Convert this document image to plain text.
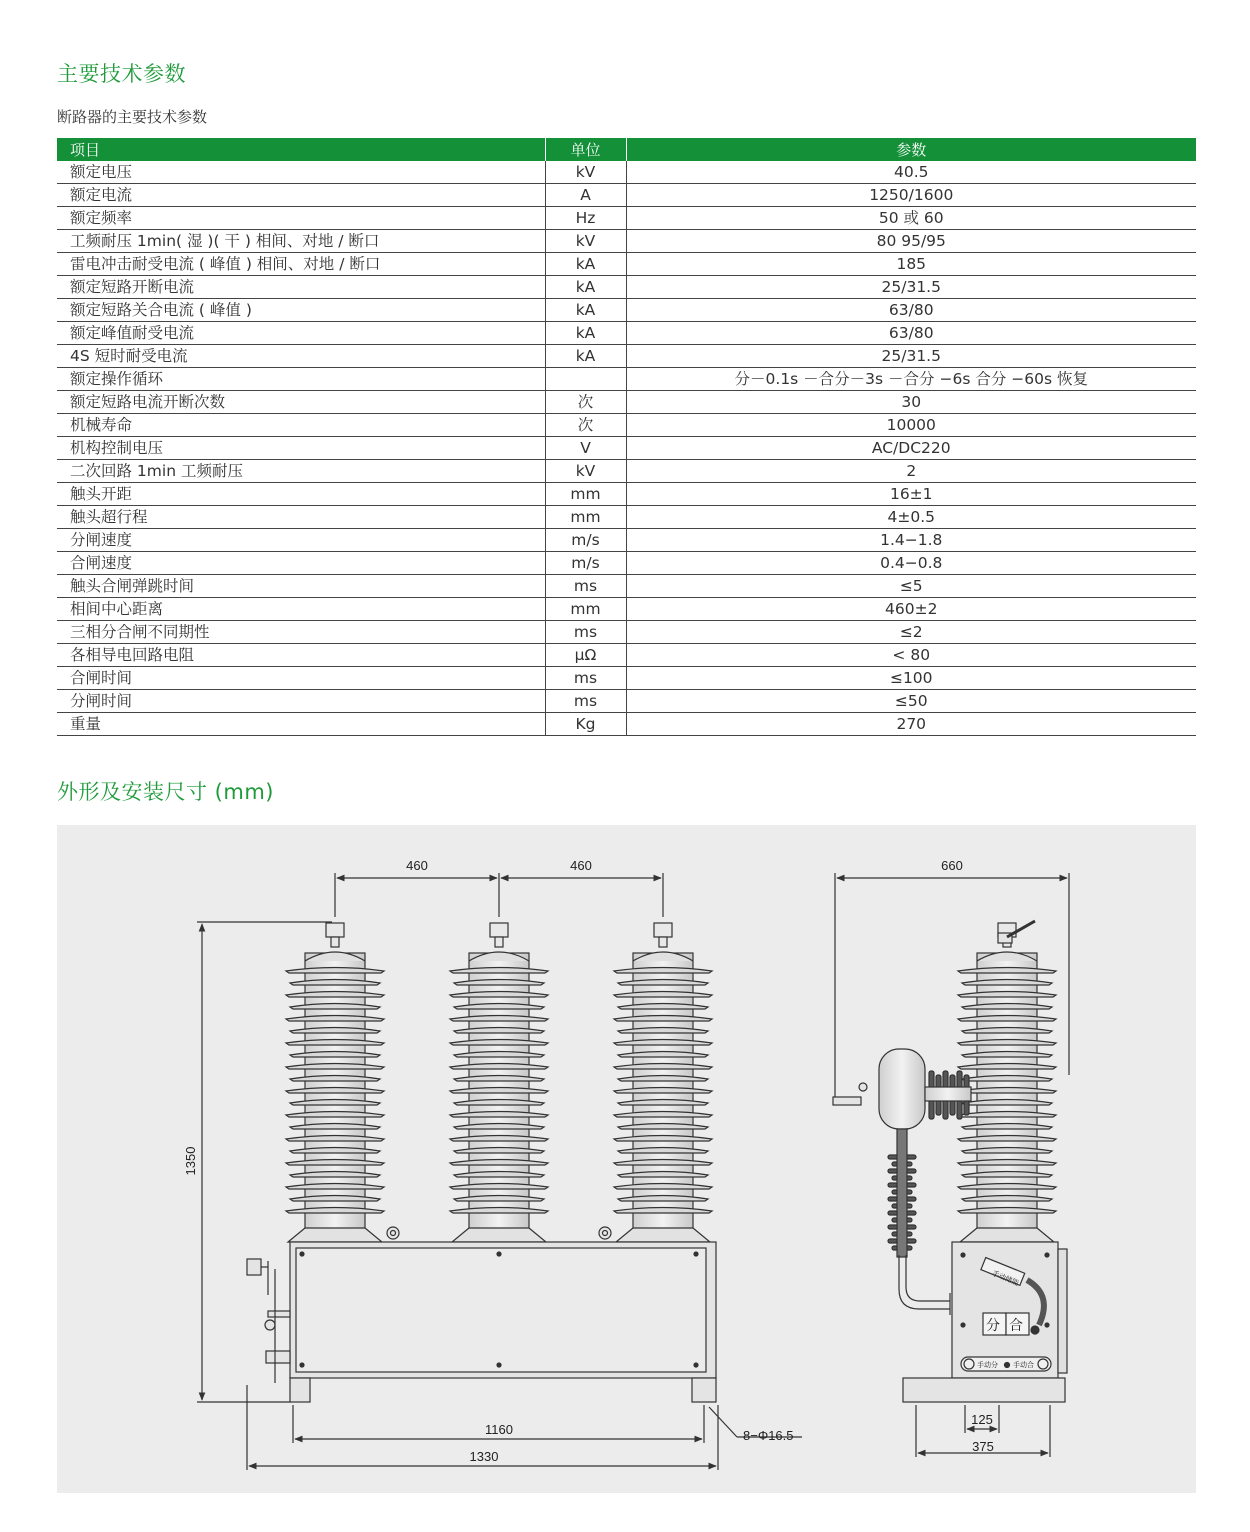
主要技术参数

断路器的主要技术参数

项目	单位	参数
额定电压	kV	40.5
额定电流	A	1250/1600
额定频率	Hz	50 或 60
工频耐压 1min( 湿 )( 干 ) 相间、对地 / 断口	kV	80 95/95
雷电冲击耐受电流 ( 峰值 ) 相间、对地 / 断口	kA	185
额定短路开断电流	kA	25/31.5
额定短路关合电流 ( 峰值 )	kA	63/80
额定峰值耐受电流	kA	63/80
4S 短时耐受电流	kA	25/31.5
额定操作循环		分－0.1s －合分－3s －合分 −6s 合分 −60s 恢复
额定短路电流开断次数	次	30
机械寿命	次	10000
机构控制电压	V	AC/DC220
二次回路 1min 工频耐压	kV	2
触头开距	mm	16±1
触头超行程	mm	4±0.5
分闸速度	m/s	1.4−1.8
合闸速度	m/s	0.4−0.8
触头合闸弹跳时间	ms	≤5
相间中心距离	mm	460±2
三相分合闸不同期性	ms	≤2
各相导电回路电阻	μΩ	< 80
合闸时间	ms	≤100
分闸时间	ms	≤50
重量	Kg	270
外形及安装尺寸 (mm)
460	460
1350
1160
1330
8−Φ16.5
手动储能
分 合
手动分 手动合
660
125
375
